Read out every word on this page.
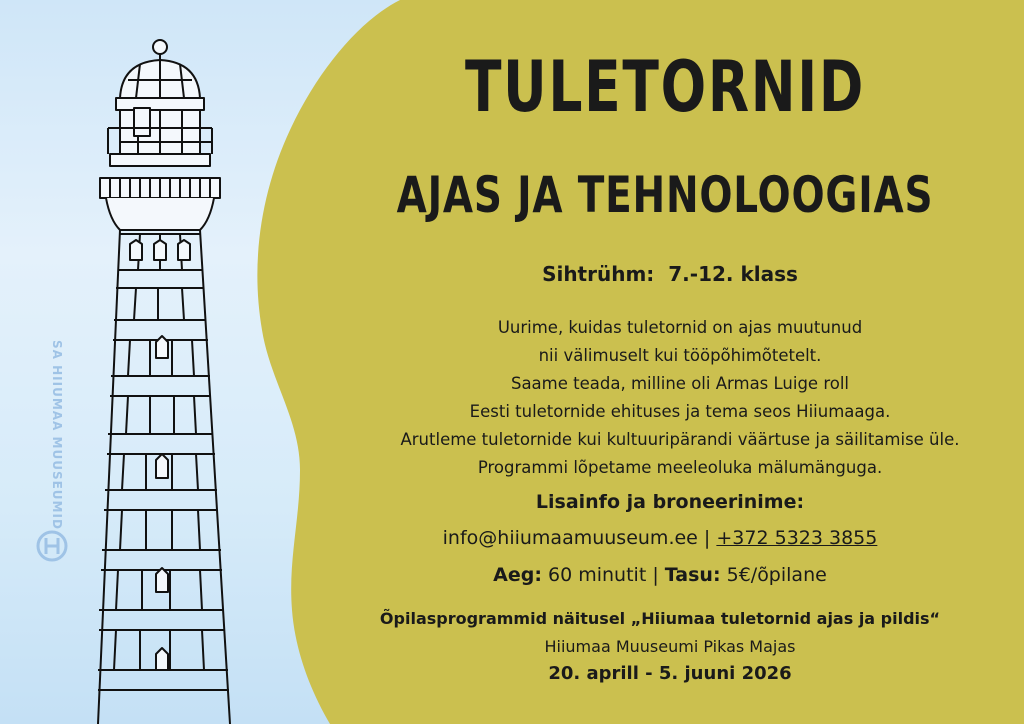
SA HIIUMAA MUUSEUMID
TULETORNID
AJAS JA TEHNOLOOGIAS
Sihtrühm: 7.-12. klass
Uurime, kuidas tuletornid on ajas muutunud
nii välimuselt kui tööpõhimõtetelt.
Saame teada, milline oli Armas Luige roll
Eesti tuletornide ehituses ja tema seos Hiiumaaga.
Arutleme tuletornide kui kultuuripärandi väärtuse ja säilitamise üle.
Programmi lõpetame meeleoluka mälumänguga.
Lisainfo ja broneerinime:
info@hiiumaamuuseum.ee | +372 5323 3855
Aeg: 60 minutit | Tasu: 5€/õpilane
Õpilasprogrammid näitusel „Hiiumaa tuletornid ajas ja pildis“
Hiiumaa Muuseumi Pikas Majas
20. aprill - 5. juuni 2026
